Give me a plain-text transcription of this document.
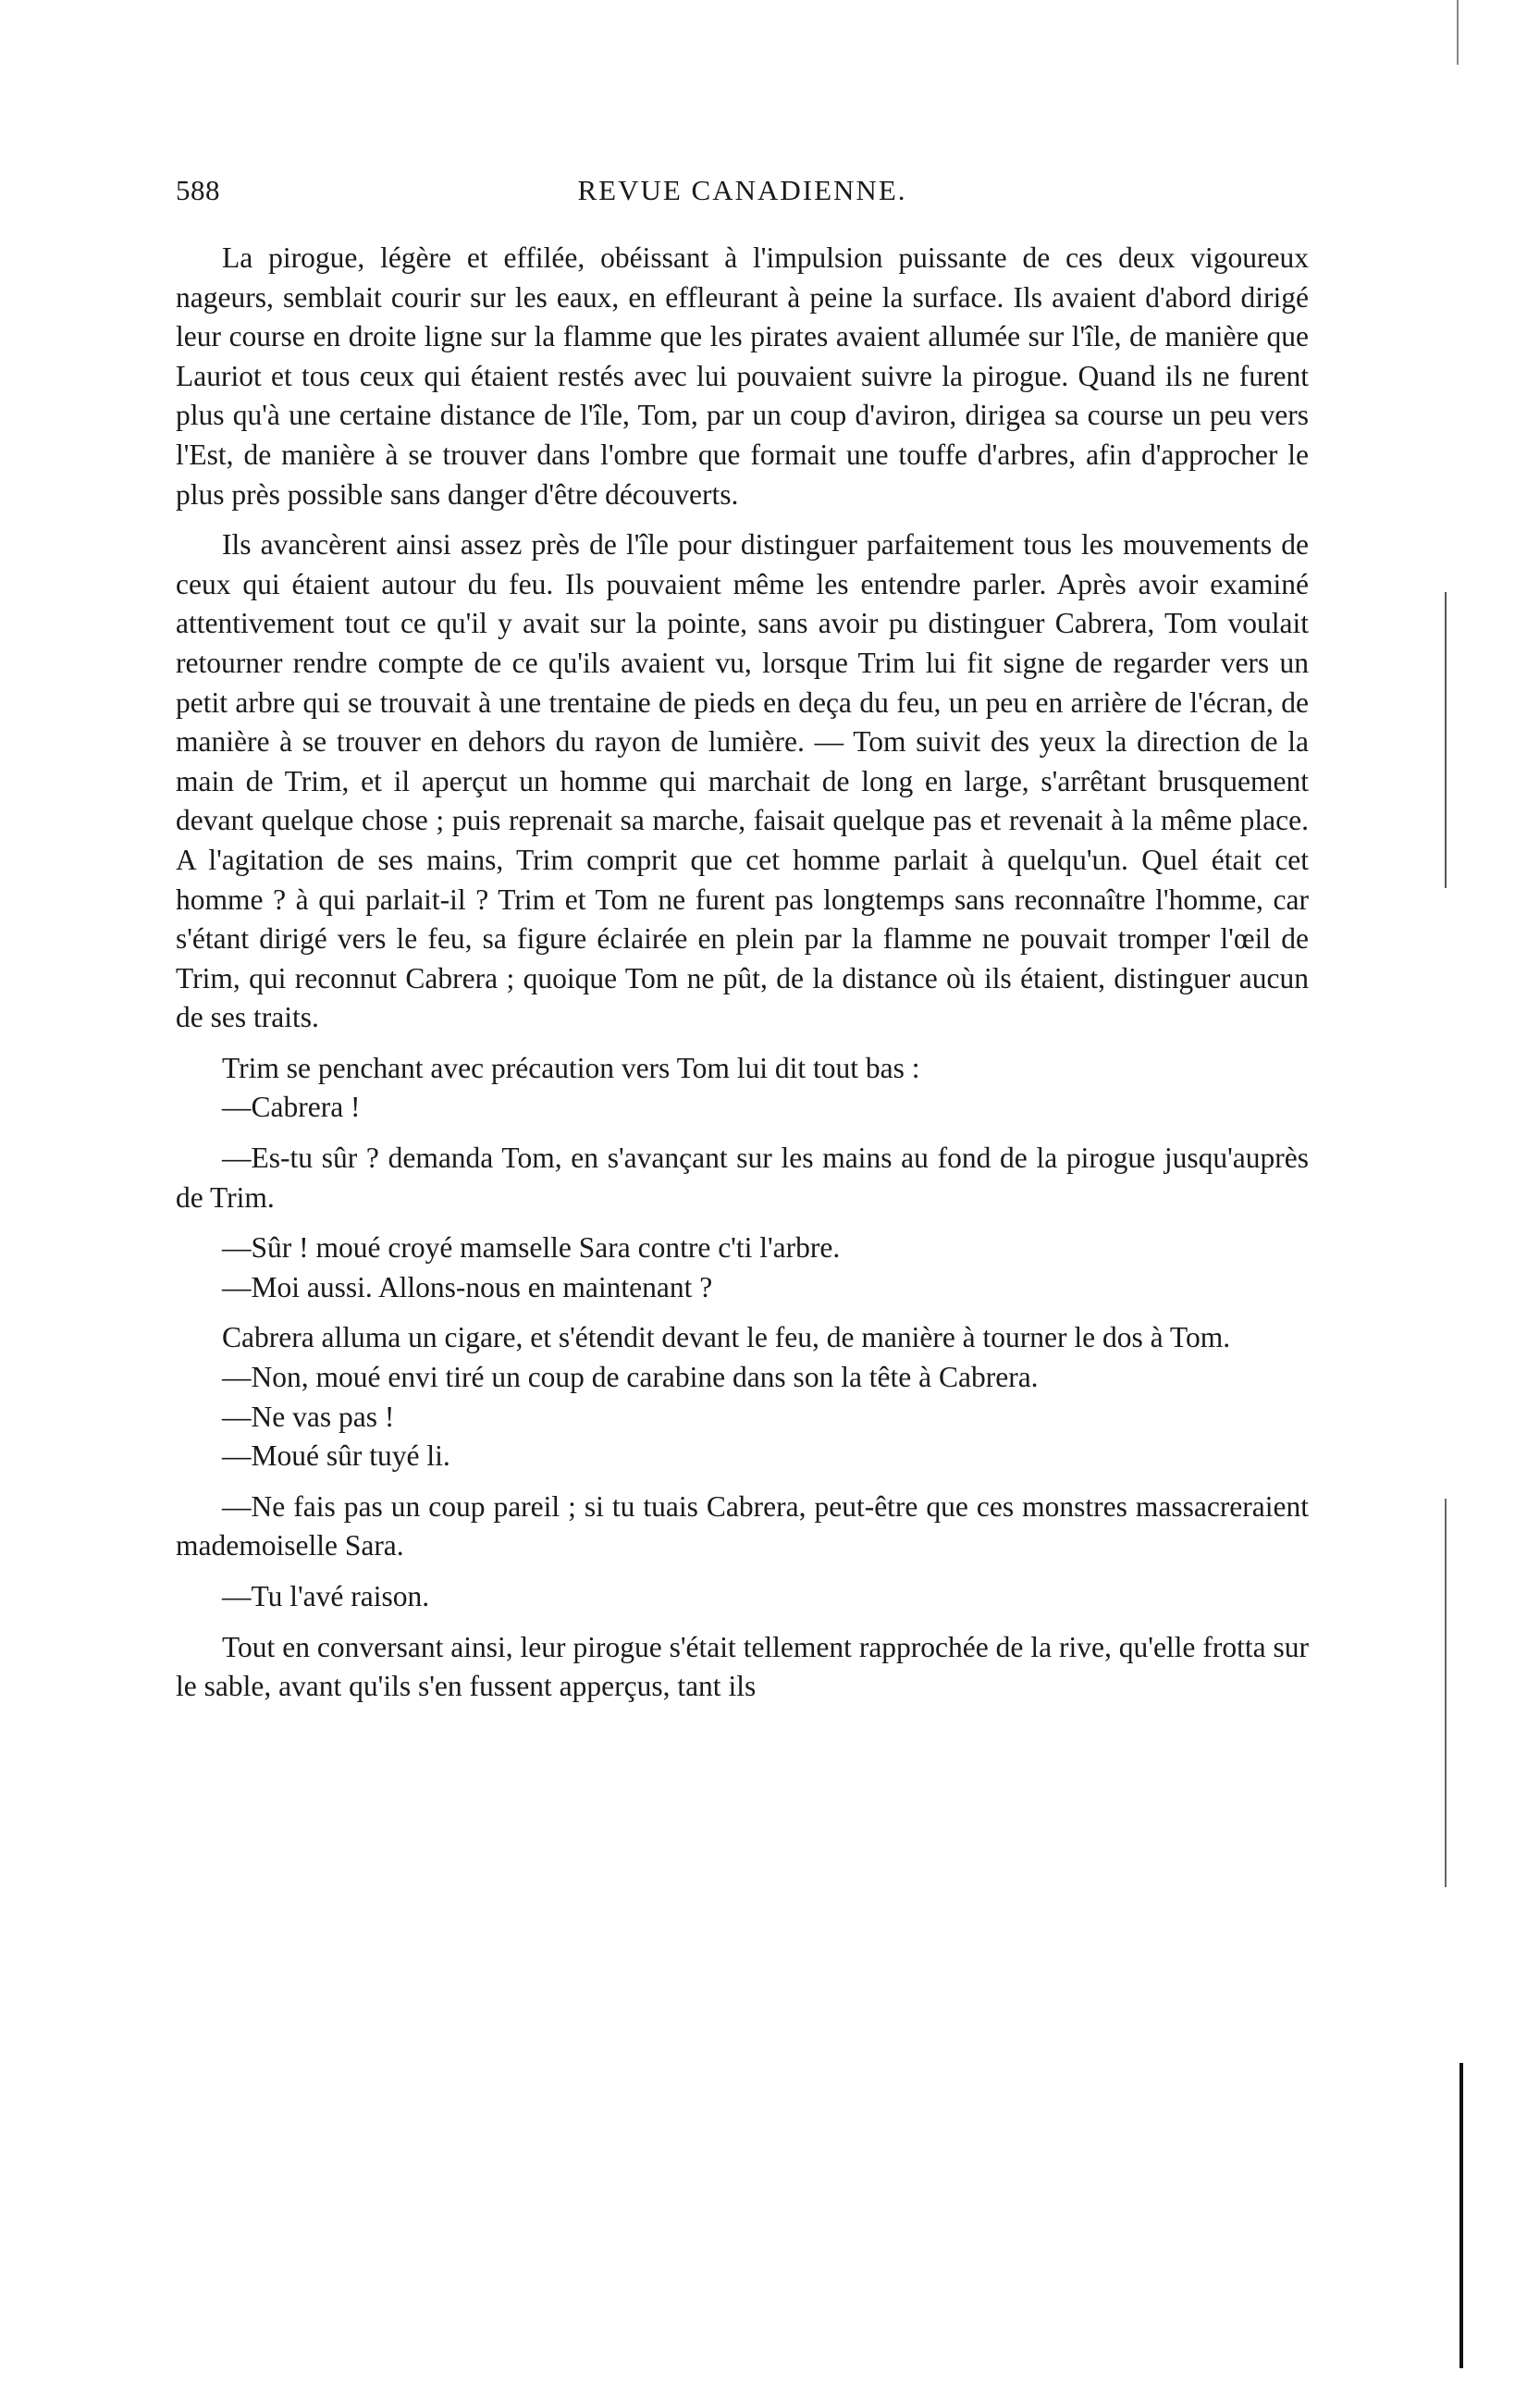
588	REVUE CANADIENNE.

La pirogue, légère et effilée, obéissant à l'impulsion puissante de ces deux vigoureux nageurs, semblait courir sur les eaux, en effleurant à peine la surface. Ils avaient d'abord dirigé leur course en droite ligne sur la flamme que les pirates avaient allumée sur l'île, de manière que Lauriot et tous ceux qui étaient restés avec lui pouvaient suivre la pirogue. Quand ils ne furent plus qu'à une certaine distance de l'île, Tom, par un coup d'aviron, dirigea sa course un peu vers l'Est, de manière à se trouver dans l'ombre que formait une touffe d'arbres, afin d'approcher le plus près possible sans danger d'être découverts.

Ils avancèrent ainsi assez près de l'île pour distinguer parfaitement tous les mouvements de ceux qui étaient autour du feu. Ils pouvaient même les entendre parler. Après avoir examiné attentivement tout ce qu'il y avait sur la pointe, sans avoir pu distinguer Cabrera, Tom voulait retourner rendre compte de ce qu'ils avaient vu, lorsque Trim lui fit signe de regarder vers un petit arbre qui se trouvait à une trentaine de pieds en deça du feu, un peu en arrière de l'écran, de manière à se trouver en dehors du rayon de lumière. — Tom suivit des yeux la direction de la main de Trim, et il aperçut un homme qui marchait de long en large, s'arrêtant brusquement devant quelque chose ; puis reprenait sa marche, faisait quelque pas et revenait à la même place. A l'agitation de ses mains, Trim comprit que cet homme parlait à quelqu'un. Quel était cet homme ? à qui parlait-il ? Trim et Tom ne furent pas longtemps sans reconnaître l'homme, car s'étant dirigé vers le feu, sa figure éclairée en plein par la flamme ne pouvait tromper l'œil de Trim, qui reconnut Cabrera ; quoique Tom ne pût, de la distance où ils étaient, distinguer aucun de ses traits.

Trim se penchant avec précaution vers Tom lui dit tout bas :

—Cabrera !

—Es-tu sûr ? demanda Tom, en s'avançant sur les mains au fond de la pirogue jusqu'auprès de Trim.

—Sûr ! moué croyé mamselle Sara contre c'ti l'arbre.

—Moi aussi. Allons-nous en maintenant ?

Cabrera alluma un cigare, et s'étendit devant le feu, de manière à tourner le dos à Tom.

—Non, moué envi tiré un coup de carabine dans son la tête à Cabrera.

—Ne vas pas !

—Moué sûr tuyé li.

—Ne fais pas un coup pareil ; si tu tuais Cabrera, peut-être que ces monstres massacreraient mademoiselle Sara.

—Tu l'avé raison.

Tout en conversant ainsi, leur pirogue s'était tellement rapprochée de la rive, qu'elle frotta sur le sable, avant qu'ils s'en fussent apperçus, tant ils
